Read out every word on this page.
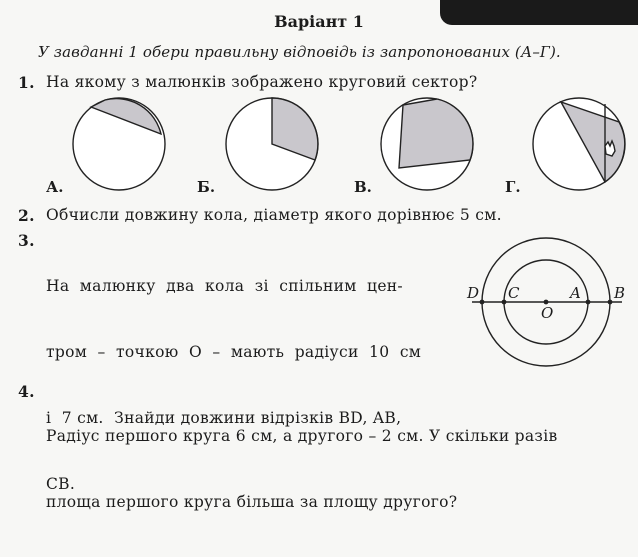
Варіант 1
У завданні 1 обери правильну відповідь із запропонованих (А–Г).
1. На якому з малюнків зображено круговий сектор?
А.	Б.	В.	Г.
2. Обчисли довжину кола, діаметр якого дорівнює 5 см.
3.

На  малюнку  два  кола  зі  спільним  цен-

тром  –  точкою  O  –  мають  радіуси  10  см

і  7 см.  Знайди довжини відрізків BD, AB,

CB.

D C	A B
O
4.

Радіус першого круга 6 см, а другого – 2 см. У скільки разів

площа першого круга більша за площу другого?
